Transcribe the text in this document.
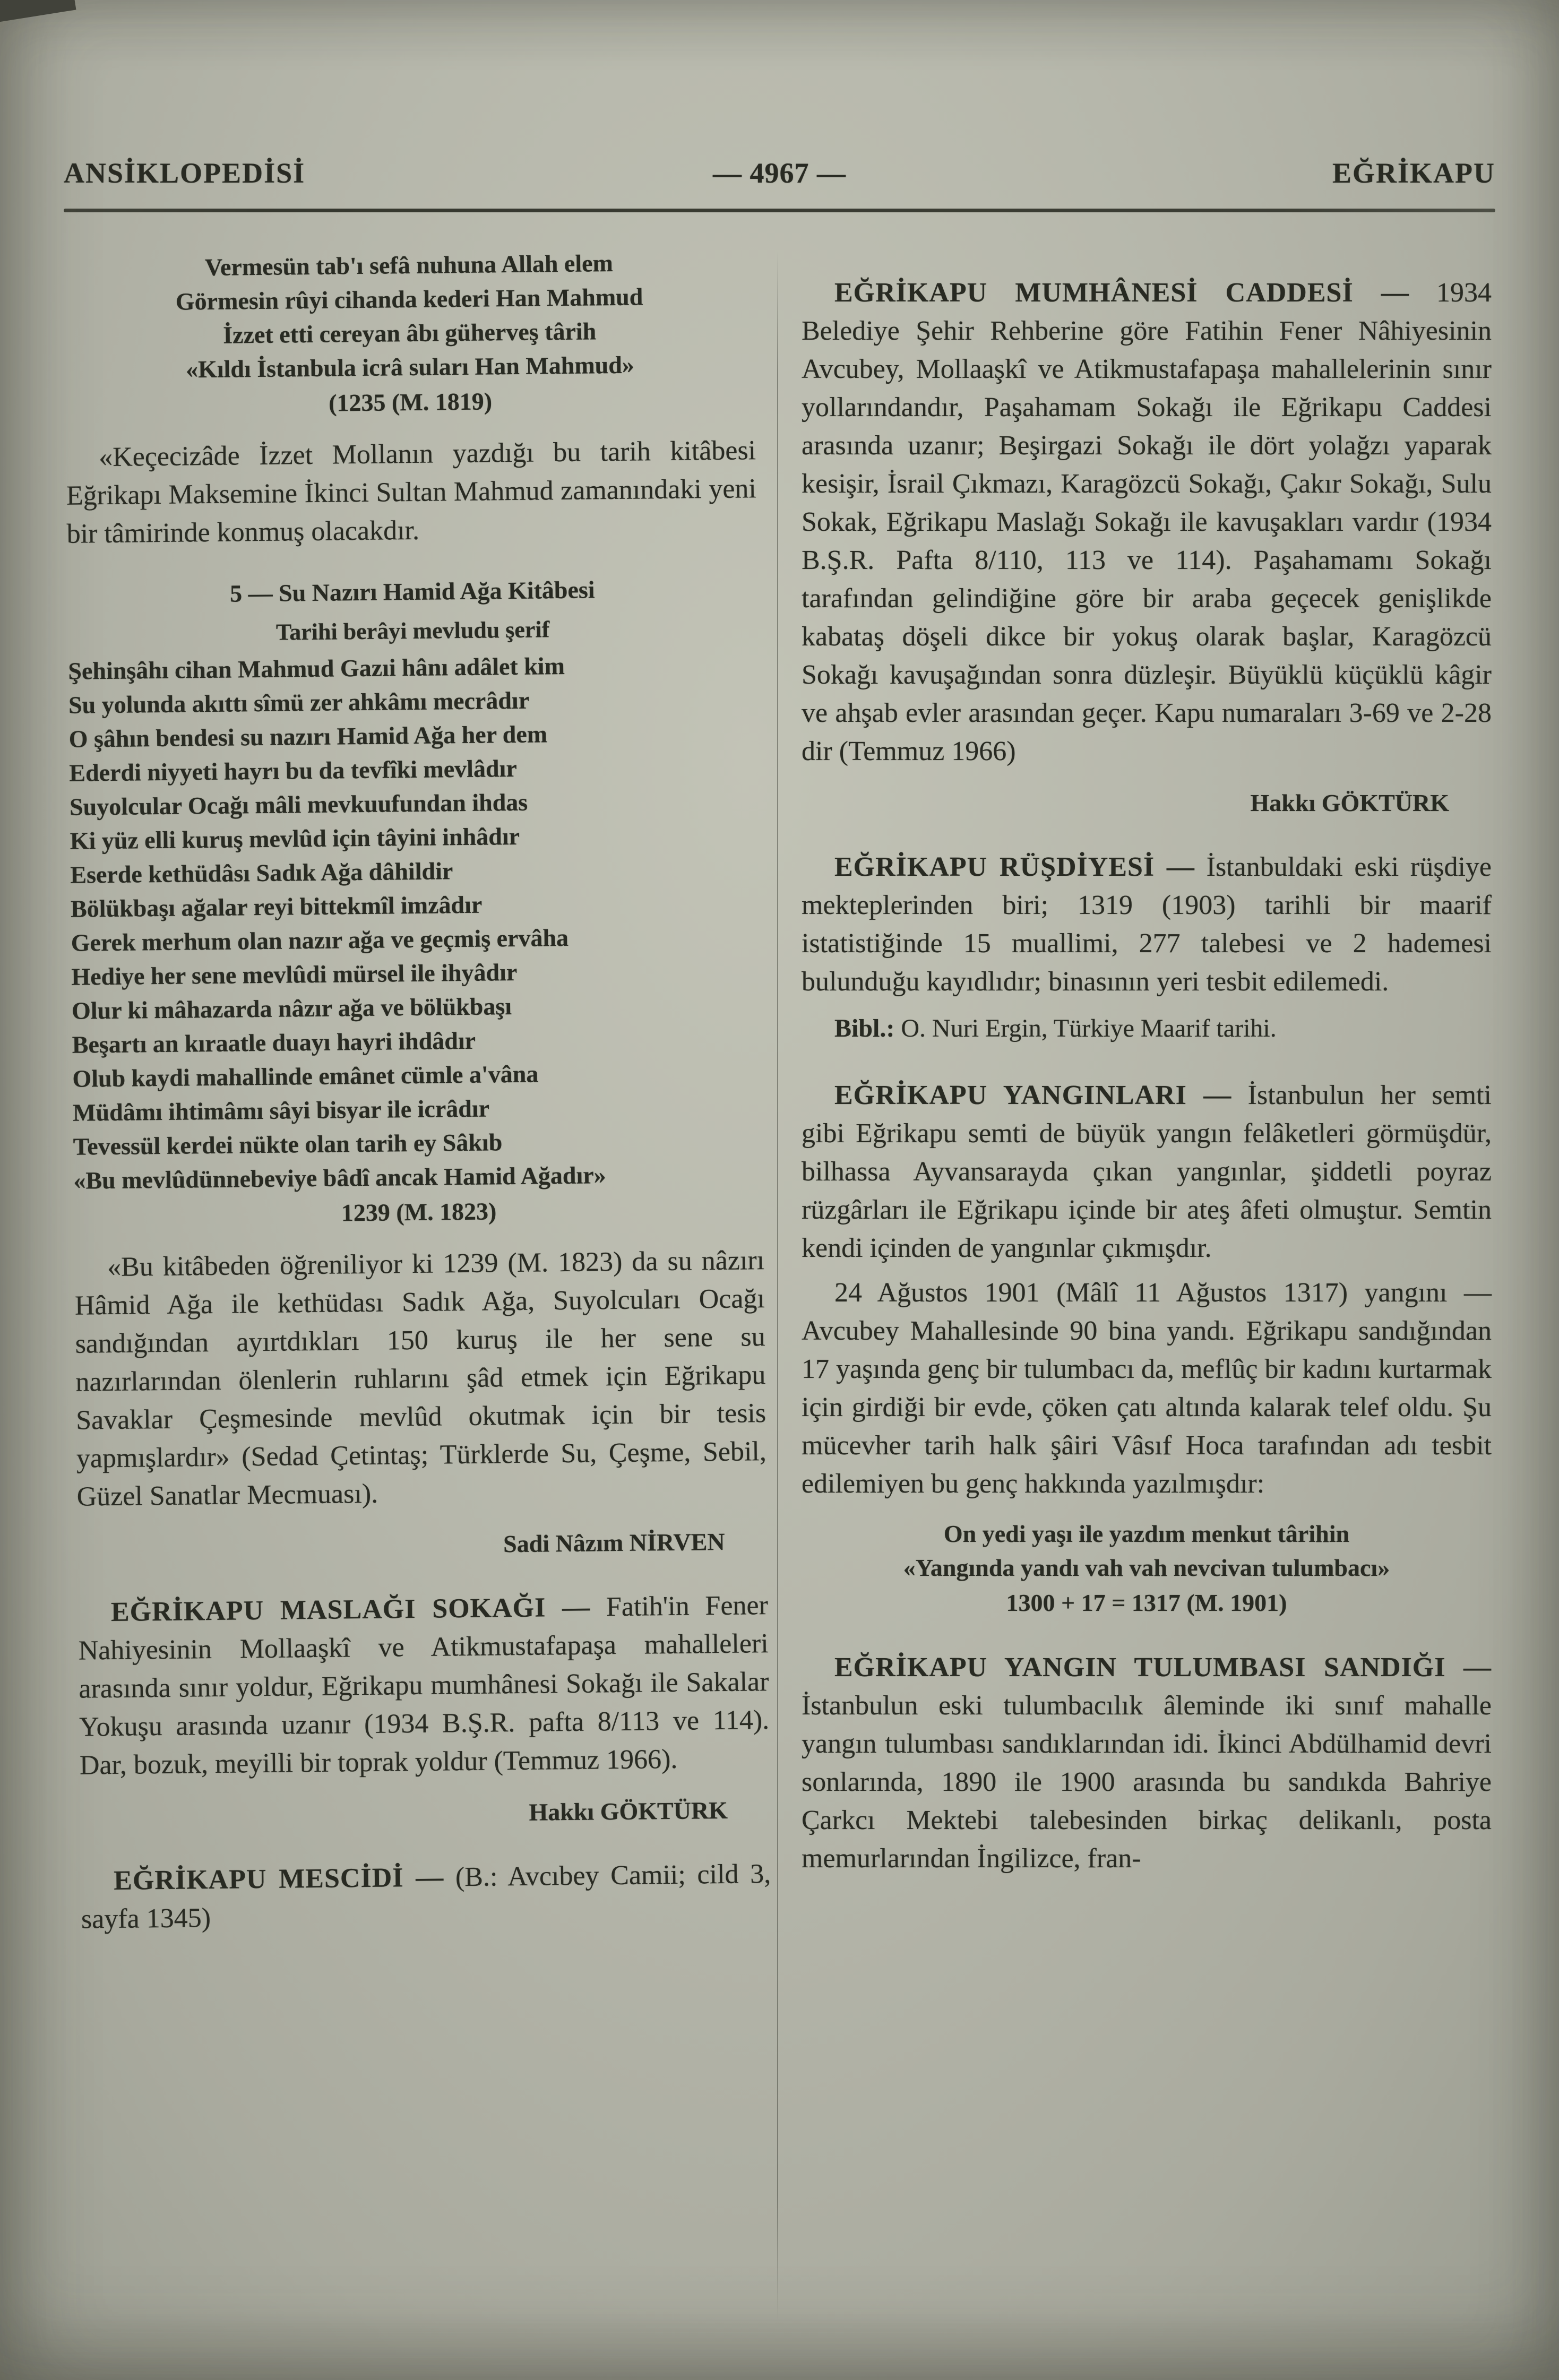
ANSİKLOPEDİSİ	— 4967 —	EĞRİKAPU
Vermesün tab'ı sefâ nuhuna Allah elem
Görmesin rûyi cihanda kederi Han Mahmud
İzzet etti cereyan âbı güherveş târih
«Kıldı İstanbula icrâ suları Han Mahmud»
(1235 (M. 1819)

«Keçecizâde İzzet Mollanın yazdığı bu tarih kitâbesi Eğrikapı Maksemine İkinci Sultan Mahmud zamanındaki yeni bir tâmirinde konmuş olacakdır.

5 — Su Nazırı Hamid Ağa Kitâbesi
Tarihi berâyi mevludu şerif
Şehinşâhı cihan Mahmud Gazıi hânı adâlet kim
Su yolunda akıttı sîmü zer ahkâmı mecrâdır
O şâhın bendesi su nazırı Hamid Ağa her dem
Ederdi niyyeti hayrı bu da tevfîki mevlâdır
Suyolcular Ocağı mâli mevkuufundan ihdas
Ki yüz elli kuruş mevlûd için tâyini inhâdır
Eserde kethüdâsı Sadık Ağa dâhildir
Bölükbaşı ağalar reyi bittekmîl imzâdır
Gerek merhum olan nazır ağa ve geçmiş ervâha
Hediye her sene mevlûdi mürsel ile ihyâdır
Olur ki mâhazarda nâzır ağa ve bölükbaşı
Beşartı an kıraatle duayı hayri ihdâdır
Olub kaydi mahallinde emânet cümle a'vâna
Müdâmı ihtimâmı sâyi bisyar ile icrâdır
Tevessül kerdei nükte olan tarih ey Sâkıb
«Bu mevlûdünnebeviye bâdî ancak Hamid Ağadır»
1239 (M. 1823)

«Bu kitâbeden öğreniliyor ki 1239 (M. 1823) da su nâzırı Hâmid Ağa ile kethüdası Sadık Ağa, Suyolcuları Ocağı sandığından ayırtdıkları 150 kuruş ile her sene su nazırlarından ölenlerin ruhlarını şâd etmek için Eğrikapu Savaklar Çeşmesinde mevlûd okutmak için bir tesis yapmışlardır» (Sedad Çetintaş; Türklerde Su, Çeşme, Sebil, Güzel Sanatlar Mecmuası).

Sadi Nâzım NİRVEN

EĞRİKAPU MASLAĞI SOKAĞI — Fatih'in Fener Nahiyesinin Mollaaşkî ve Atikmustafapaşa mahalleleri arasında sınır yoldur, Eğrikapu mumhânesi Sokağı ile Sakalar Yokuşu arasında uzanır (1934 B.Ş.R. pafta 8/113 ve 114). Dar, bozuk, meyilli bir toprak yoldur (Temmuz 1966).

Hakkı GÖKTÜRK

EĞRİKAPU MESCİDİ — (B.: Avcıbey Camii; cild 3, sayfa 1345)

EĞRİKAPU MUMHÂNESİ CADDESİ — 1934 Belediye Şehir Rehberine göre Fatihin Fener Nâhiyesinin Avcubey, Mollaaşkî ve Atikmustafapaşa mahallelerinin sınır yollarındandır, Paşahamam Sokağı ile Eğrikapu Caddesi arasında uzanır; Beşirgazi Sokağı ile dört yolağzı yaparak kesişir, İsrail Çıkmazı, Karagözcü Sokağı, Çakır Sokağı, Sulu Sokak, Eğrikapu Maslağı Sokağı ile kavuşakları vardır (1934 B.Ş.R. Pafta 8/110, 113 ve 114). Paşahamamı Sokağı tarafından gelindiğine göre bir araba geçecek genişlikde kabataş döşeli dikce bir yokuş olarak başlar, Karagözcü Sokağı kavuşağından sonra düzleşir. Büyüklü küçüklü kâgir ve ahşab evler arasından geçer. Kapu numaraları 3-69 ve 2-28 dir (Temmuz 1966)

Hakkı GÖKTÜRK

EĞRİKAPU RÜŞDİYESİ — İstanbuldaki eski rüşdiye mekteplerinden biri; 1319 (1903) tarihli bir maarif istatistiğinde 15 muallimi, 277 talebesi ve 2 hademesi bulunduğu kayıdlıdır; binasının yeri tesbit edilemedi.

Bibl.: O. Nuri Ergin, Türkiye Maarif tarihi.

EĞRİKAPU YANGINLARI — İstanbulun her semti gibi Eğrikapu semti de büyük yangın felâketleri görmüşdür, bilhassa Ayvansarayda çıkan yangınlar, şiddetli poyraz rüzgârları ile Eğrikapu içinde bir ateş âfeti olmuştur. Semtin kendi içinden de yangınlar çıkmışdır.

24 Ağustos 1901 (Mâlî 11 Ağustos 1317) yangını — Avcubey Mahallesinde 90 bina yandı. Eğrikapu sandığından 17 yaşında genç bir tulumbacı da, meflûç bir kadını kurtarmak için girdiği bir evde, çöken çatı altında kalarak telef oldu. Şu mücevher tarih halk şâiri Vâsıf Hoca tarafından adı tesbit edilemiyen bu genç hakkında yazılmışdır:

On yedi yaşı ile yazdım menkut târihin
«Yangında yandı vah vah nevcivan tulumbacı»
1300 + 17 = 1317 (M. 1901)

EĞRİKAPU YANGIN TULUMBASI SANDIĞI — İstanbulun eski tulumbacılık âleminde iki sınıf mahalle yangın tulumbası sandıklarından idi. İkinci Abdülhamid devri sonlarında, 1890 ile 1900 arasında bu sandıkda Bahriye Çarkcı Mektebi talebesinden birkaç delikanlı, posta memurlarından İngilizce, fran-
